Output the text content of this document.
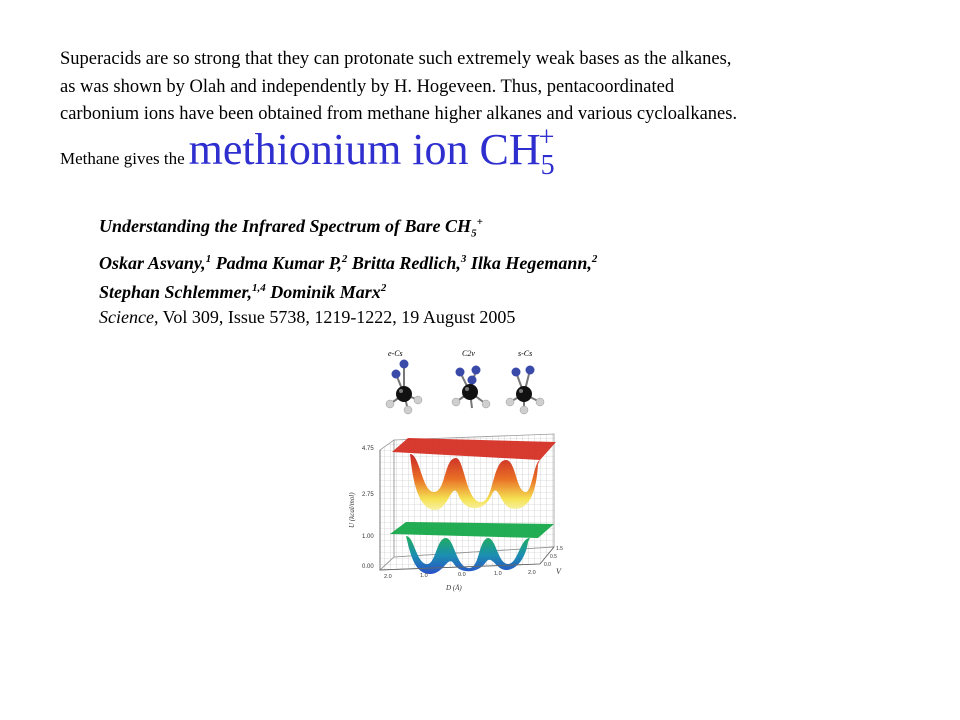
Superacids are so strong that they can protonate such extremely weak bases as the alkanes,
as was shown by Olah and independently by H. Hogeveen. Thus, pentacoordinated
carbonium ions have been obtained from methane higher alkanes and various cycloalkanes.
Methane gives the methionium ion $CH_5^+$
Understanding the Infrared Spectrum of Bare $CH_5^+$
Oskar Asvany,$^1$ Padma Kumar P,$^2$ Britta Redlich,$^3$ Ilka Hegemann,$^2$
Stephan Schlemmer,$^{1,4}$ Dominik Marx$^2$
Science, Vol 309, Issue 5738, 1219-1222, 19 August 2005
e-Cs	C2v	s-Cs
4.75
2.75
1.00
0.00
U (kcal/mol)
2.0	1.0	0.0	1.0	2.0
D (Å)
1.5
0.5
0.0
V
